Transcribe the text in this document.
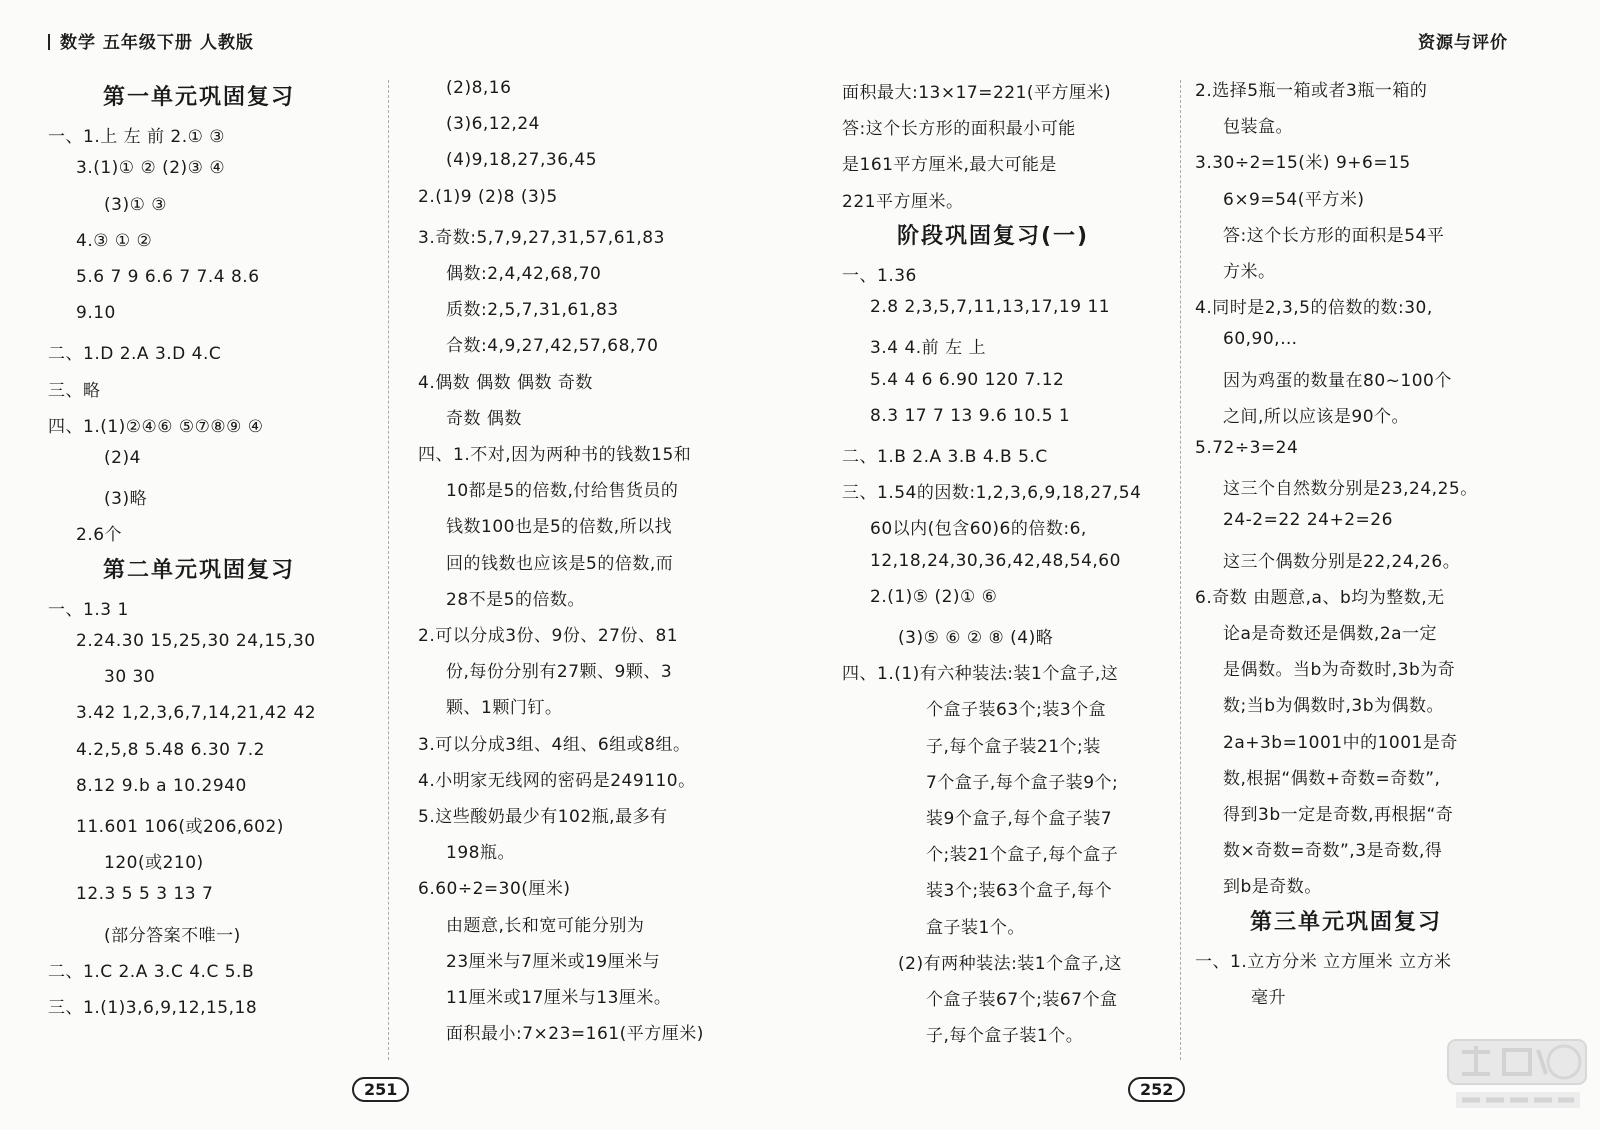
数学 五年级下册 人教版	资源与评价
第一单元巩固复习
一、1.上 左 前 2.① ③
3.(1)① ② (2)③ ④
(3)① ③
4.③ ① ②
5.6 7 9 6.6 7 7.4 8.6
9.10
二、1.D 2.A 3.D 4.C
三、略
四、1.(1)②④⑥ ⑤⑦⑧⑨ ④
(2)4
(3)略
2.6个
第二单元巩固复习
一、1.3 1
2.24.30 15,25,30 24,15,30
30 30
3.42 1,2,3,6,7,14,21,42 42
4.2,5,8 5.48 6.30 7.2
8.12 9.b a 10.2940
11.601 106(或206,602)
120(或210)
12.3 5 5 3 13 7
(部分答案不唯一)
二、1.C 2.A 3.C 4.C 5.B
三、1.(1)3,6,9,12,15,18
(2)8,16
(3)6,12,24
(4)9,18,27,36,45
2.(1)9 (2)8 (3)5
3.奇数:5,7,9,27,31,57,61,83
偶数:2,4,42,68,70
质数:2,5,7,31,61,83
合数:4,9,27,42,57,68,70
4.偶数 偶数 偶数 奇数
奇数 偶数
四、1.不对,因为两种书的钱数15和
10都是5的倍数,付给售货员的
钱数100也是5的倍数,所以找
回的钱数也应该是5的倍数,而
28不是5的倍数。
2.可以分成3份、9份、27份、81
份,每份分别有27颗、9颗、3
颗、1颗门钉。
3.可以分成3组、4组、6组或8组。
4.小明家无线网的密码是249110。
5.这些酸奶最少有102瓶,最多有
198瓶。
6.60÷2=30(厘米)
由题意,长和宽可能分别为
23厘米与7厘米或19厘米与
11厘米或17厘米与13厘米。
面积最小:7×23=161(平方厘米)
面积最大:13×17=221(平方厘米)
答:这个长方形的面积最小可能
是161平方厘米,最大可能是
221平方厘米。
阶段巩固复习(一)
一、1.36
2.8 2,3,5,7,11,13,17,19 11
3.4 4.前 左 上
5.4 4 6 6.90 120 7.12
8.3 17 7 13 9.6 10.5 1
二、1.B 2.A 3.B 4.B 5.C
三、1.54的因数:1,2,3,6,9,18,27,54
60以内(包含60)6的倍数:6,
12,18,24,30,36,42,48,54,60
2.(1)⑤ (2)① ⑥
(3)⑤ ⑥ ② ⑧ (4)略
四、1.(1)有六种装法:装1个盒子,这
个盒子装63个;装3个盒
子,每个盒子装21个;装
7个盒子,每个盒子装9个;
装9个盒子,每个盒子装7
个;装21个盒子,每个盒子
装3个;装63个盒子,每个
盒子装1个。
(2)有两种装法:装1个盒子,这
个盒子装67个;装67个盒
子,每个盒子装1个。
2.选择5瓶一箱或者3瓶一箱的
包装盒。
3.30÷2=15(米) 9+6=15
6×9=54(平方米)
答:这个长方形的面积是54平
方米。
4.同时是2,3,5的倍数的数:30,
60,90,…
因为鸡蛋的数量在80~100个
之间,所以应该是90个。
5.72÷3=24
这三个自然数分别是23,24,25。
24-2=22 24+2=26
这三个偶数分别是22,24,26。
6.奇数 由题意,a、b均为整数,无
论a是奇数还是偶数,2a一定
是偶数。当b为奇数时,3b为奇
数;当b为偶数时,3b为偶数。
2a+3b=1001中的1001是奇
数,根据“偶数+奇数=奇数”,
得到3b一定是奇数,再根据“奇
数×奇数=奇数”,3是奇数,得
到b是奇数。
第三单元巩固复习
一、1.立方分米 立方厘米 立方米
毫升
251	252
